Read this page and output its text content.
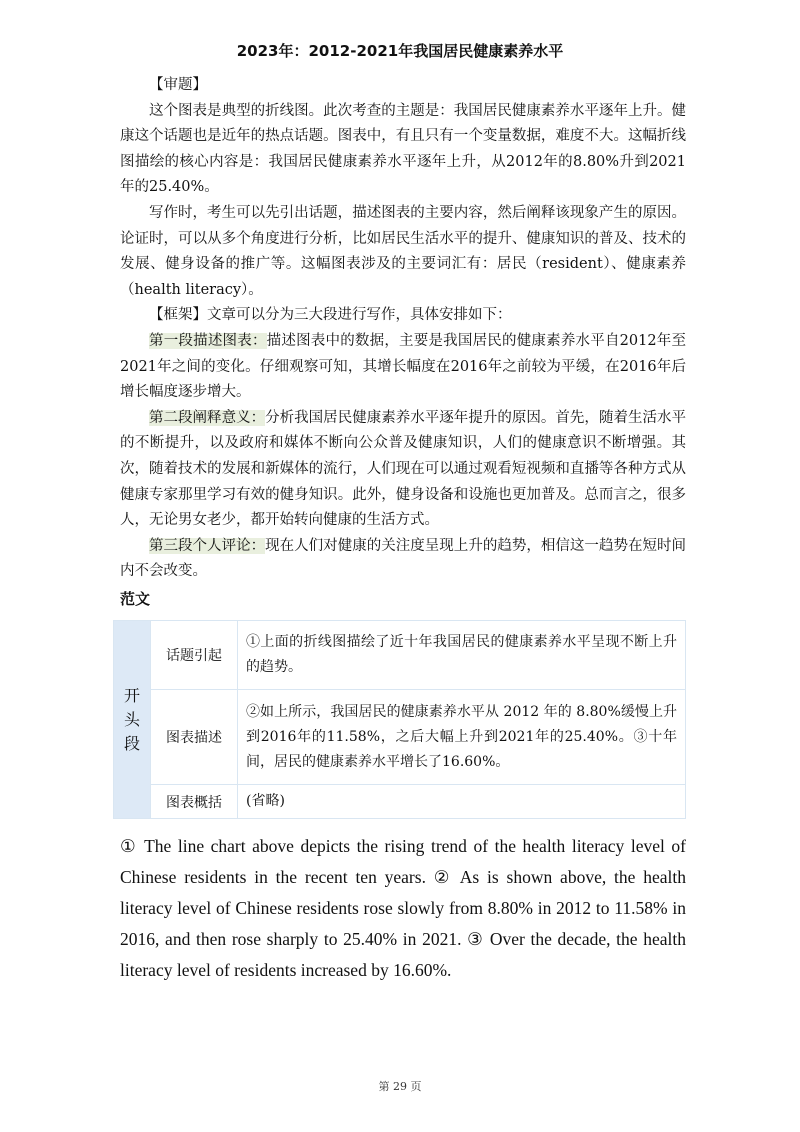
2023年：2012-2021年我国居民健康素养水平

【审题】

这个图表是典型的折线图。此次考查的主题是：我国居民健康素养水平逐年上升。健康这个话题也是近年的热点话题。图表中，有且只有一个变量数据，难度不大。这幅折线图描绘的核心内容是：我国居民健康素养水平逐年上升，从2012年的8.80%升到2021年的25.40%。

写作时，考生可以先引出话题，描述图表的主要内容，然后阐释该现象产生的原因。论证时，可以从多个角度进行分析，比如居民生活水平的提升、健康知识的普及、技术的发展、健身设备的推广等。这幅图表涉及的主要词汇有：居民（resident）、健康素养（health literacy）。

【框架】文章可以分为三大段进行写作，具体安排如下：

第一段描述图表：描述图表中的数据，主要是我国居民的健康素养水平自2012年至2021年之间的变化。仔细观察可知，其增长幅度在2016年之前较为平缓，在2016年后增长幅度逐步增大。

第二段阐释意义：分析我国居民健康素养水平逐年提升的原因。首先，随着生活水平的不断提升，以及政府和媒体不断向公众普及健康知识，人们的健康意识不断增强。其次，随着技术的发展和新媒体的流行，人们现在可以通过观看短视频和直播等各种方式从健康专家那里学习有效的健身知识。此外，健身设备和设施也更加普及。总而言之，很多人，无论男女老少，都开始转向健康的生活方式。

第三段个人评论：现在人们对健康的关注度呈现上升的趋势，相信这一趋势在短时间内不会改变。

范文
开头段	话题引起	①上面的折线图描绘了近十年我国居民的健康素养水平呈现不断上升的趋势。
	图表描述	②如上所示，我国居民的健康素养水平从 2012 年的 8.80%缓慢上升到2016年的11.58%，之后大幅上升到2021年的25.40%。③十年间，居民的健康素养水平增长了16.60%。
	图表概括	(省略)
① The line chart above depicts the rising trend of the health literacy level of Chinese residents in the recent ten years. ② As is shown above, the health literacy level of Chinese residents rose slowly from 8.80% in 2012 to 11.58% in 2016, and then rose sharply to 25.40% in 2021. ③ Over the decade, the health literacy level of residents increased by 16.60%.
第 29 页
